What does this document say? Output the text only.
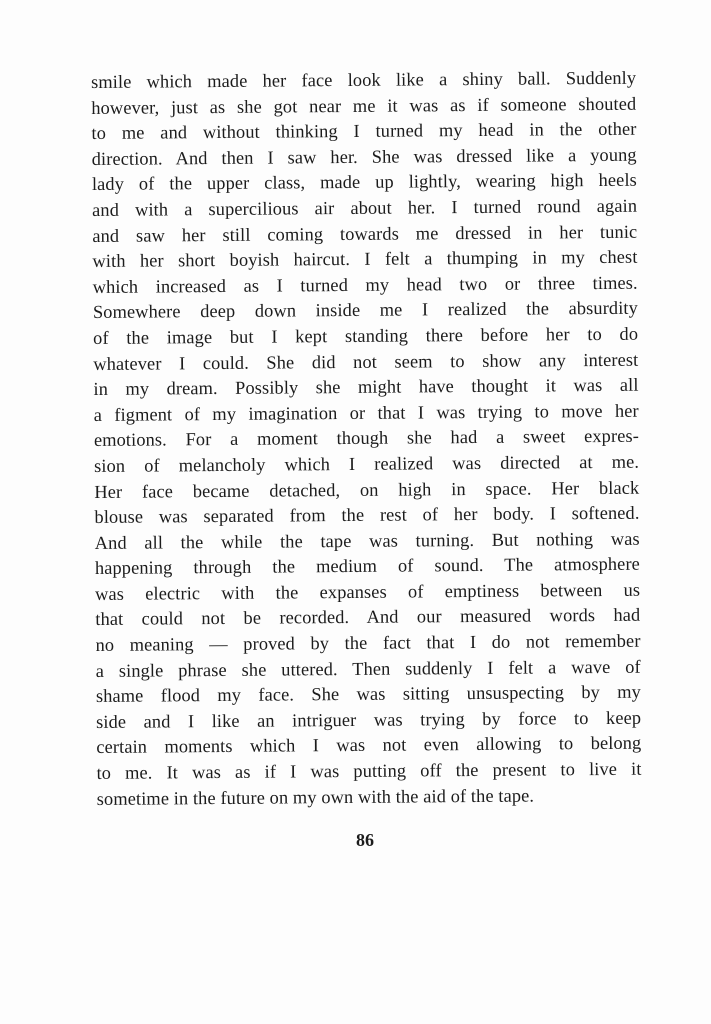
smile which made her face look like a shiny ball. Suddenly
however, just as she got near me it was as if someone shouted
to me and without thinking I turned my head in the other
direction. And then I saw her. She was dressed like a young
lady of the upper class, made up lightly, wearing high heels
and with a supercilious air about her. I turned round again
and saw her still coming towards me dressed in her tunic
with her short boyish haircut. I felt a thumping in my chest
which increased as I turned my head two or three times.
Somewhere deep down inside me I realized the absurdity
of the image but I kept standing there before her to do
whatever I could. She did not seem to show any interest
in my dream. Possibly she might have thought it was all
a figment of my imagination or that I was trying to move her
emotions. For a moment though she had a sweet expres-
sion of melancholy which I realized was directed at me.
Her face became detached, on high in space. Her black
blouse was separated from the rest of her body. I softened.
And all the while the tape was turning. But nothing was
happening through the medium of sound. The atmosphere
was electric with the expanses of emptiness between us
that could not be recorded. And our measured words had
no meaning — proved by the fact that I do not remember
a single phrase she uttered. Then suddenly I felt a wave of
shame flood my face. She was sitting unsuspecting by my
side and I like an intriguer was trying by force to keep
certain moments which I was not even allowing to belong
to me. It was as if I was putting off the present to live it
sometime in the future on my own with the aid of the tape.
86
